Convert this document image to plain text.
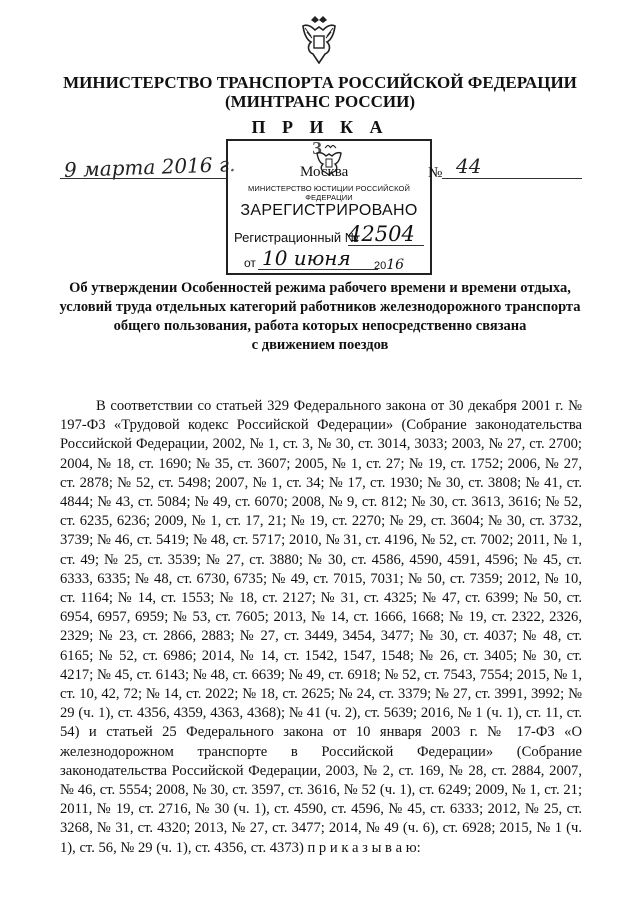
МИНИСТЕРСТВО ТРАНСПОРТА РОССИЙСКОЙ ФЕДЕРАЦИИ
(МИНТРАНС РОССИИ)
П Р И К А З
9 марта 2016 г.
МИНИСТЕРСТВО ЮСТИЦИИ РОССИЙСКОЙ ФЕДЕРАЦИИ
ЗАРЕГИСТРИРОВАНО
Регистрационный №
42504
от 10 июня 2016
Москва	№ 44
Об утверждении Особенностей режима рабочего времени и времени отдыха,
условий труда отдельных категорий работников железнодорожного транспорта
общего пользования, работа которых непосредственно связана
с движением поездов

В соответствии со статьей 329 Федерального закона от 30 декабря 2001 г. № 197-ФЗ «Трудовой кодекс Российской Федерации» (Собрание законодательства Российской Федерации, 2002, № 1, ст. 3, № 30, ст. 3014, 3033; 2003, № 27, ст. 2700; 2004, № 18, ст. 1690; № 35, ст. 3607; 2005, № 1, ст. 27; № 19, ст. 1752; 2006, № 27, ст. 2878; № 52, ст. 5498; 2007, № 1, ст. 34; № 17, ст. 1930; № 30, ст. 3808; № 41, ст. 4844; № 43, ст. 5084; № 49, ст. 6070; 2008, № 9, ст. 812; № 30, ст. 3613, 3616; № 52, ст. 6235, 6236; 2009, № 1, ст. 17, 21; № 19, ст. 2270; № 29, ст. 3604; № 30, ст. 3732, 3739; № 46, ст. 5419; № 48, ст. 5717; 2010, № 31, ст. 4196, № 52, ст. 7002; 2011, № 1, ст. 49; № 25, ст. 3539; № 27, ст. 3880; № 30, ст. 4586, 4590, 4591, 4596; № 45, ст. 6333, 6335; № 48, ст. 6730, 6735; № 49, ст. 7015, 7031; № 50, ст. 7359; 2012, № 10, ст. 1164; № 14, ст. 1553; № 18, ст. 2127; № 31, ст. 4325; № 47, ст. 6399; № 50, ст. 6954, 6957, 6959; № 53, ст. 7605; 2013, № 14, ст. 1666, 1668; № 19, ст. 2322, 2326, 2329; № 23, ст. 2866, 2883; № 27, ст. 3449, 3454, 3477; № 30, ст. 4037; № 48, ст. 6165; № 52, ст. 6986; 2014, № 14, ст. 1542, 1547, 1548; № 26, ст. 3405; № 30, ст. 4217; № 45, ст. 6143; № 48, ст. 6639; № 49, ст. 6918; № 52, ст. 7543, 7554; 2015, № 1, ст. 10, 42, 72; № 14, ст. 2022; № 18, ст. 2625; № 24, ст. 3379; № 27, ст. 3991, 3992; № 29 (ч. 1), ст. 4356, 4359, 4363, 4368); № 41 (ч. 2), ст. 5639; 2016, № 1 (ч. 1), ст. 11, ст. 54) и статьей 25 Федерального закона от 10 января 2003 г. № 17-ФЗ «О железнодорожном транспорте в Российской Федерации» (Собрание законодательства Российской Федерации, 2003, № 2, ст. 169, № 28, ст. 2884, 2007, № 46, ст. 5554; 2008, № 30, ст. 3597, ст. 3616, № 52 (ч. 1), ст. 6249; 2009, № 1, ст. 21; 2011, № 19, ст. 2716, № 30 (ч. 1), ст. 4590, ст. 4596, № 45, ст. 6333; 2012, № 25, ст. 3268, № 31, ст. 4320; 2013, № 27, ст. 3477; 2014, № 49 (ч. 6), ст. 6928; 2015, № 1 (ч. 1), ст. 56, № 29 (ч. 1), ст. 4356, ст. 4373) п р и к а з ы в а ю:
